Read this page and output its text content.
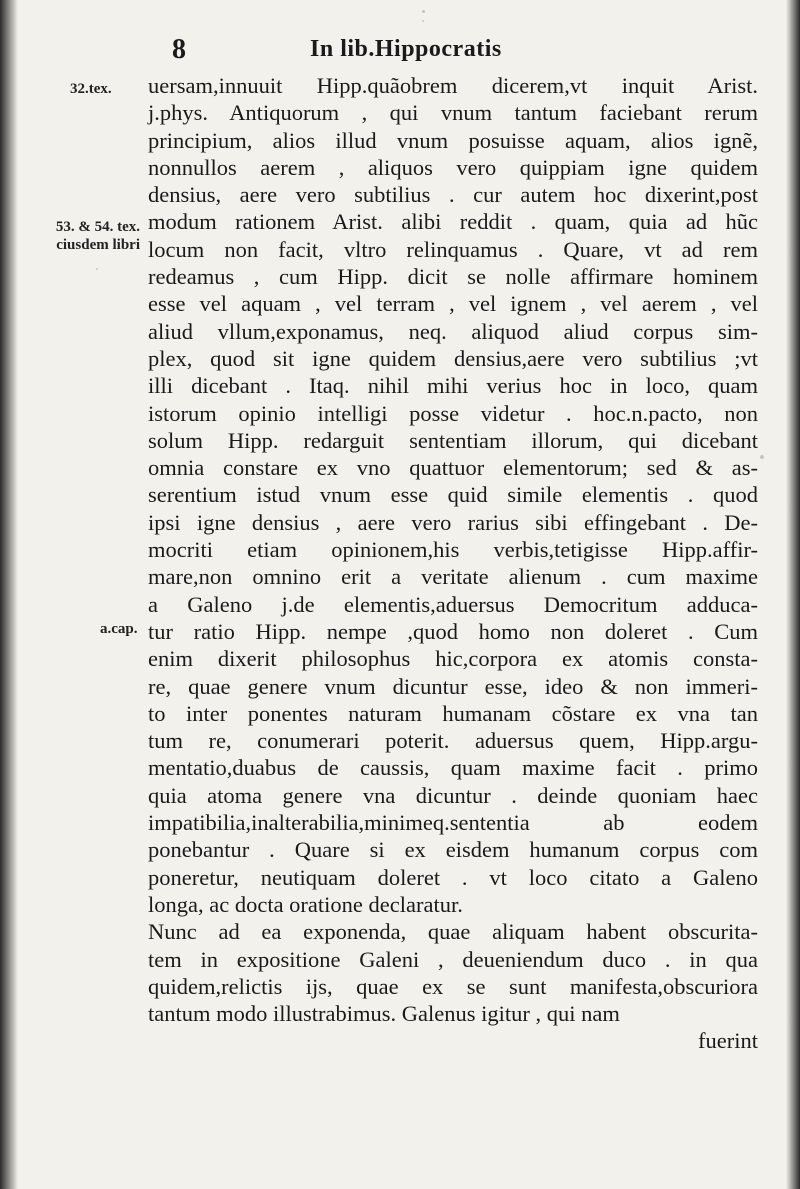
8	In lib.Hippocratis
32.tex.
53. & 54. tex. ciusdem libri
a.cap.
uersam,innuuit Hipp.quãobrem dicerem,vt inquit Arist.
j.phys. Antiquorum , qui vnum tantum faciebant rerum
principium, alios illud vnum posuisse aquam, alios ignẽ,
nonnullos aerem , aliquos vero quippiam igne quidem
densius, aere vero subtilius . cur autem hoc dixerint,post
modum rationem Arist. alibi reddit . quam, quia ad hũc
locum non facit, vltro relinquamus . Quare, vt ad rem
redeamus , cum Hipp. dicit se nolle affirmare hominem
esse vel aquam , vel terram , vel ignem , vel aerem , vel
aliud vllum,exponamus, neq. aliquod aliud corpus sim-
plex, quod sit igne quidem densius,aere vero subtilius ;vt
illi dicebant . Itaq. nihil mihi verius hoc in loco, quam
istorum opinio intelligi posse videtur . hoc.n.pacto, non
solum Hipp. redarguit sententiam illorum, qui dicebant
omnia constare ex vno quattuor elementorum; sed & as-
serentium istud vnum esse quid simile elementis . quod
ipsi igne densius , aere vero rarius sibi effingebant . De-
mocriti etiam opinionem,his verbis,tetigisse Hipp.affir-
mare,non omnino erit a veritate alienum . cum maxime
a Galeno j.de elementis,aduersus Democritum adduca-
tur ratio Hipp. nempe ,quod homo non doleret . Cum
enim dixerit philosophus hic,corpora ex atomis consta-
re, quae genere vnum dicuntur esse, ideo & non immeri-
to inter ponentes naturam humanam cõstare ex vna tan
tum re, conumerari poterit. aduersus quem, Hipp.argu-
mentatio,duabus de caussis, quam maxime facit . primo
quia atoma genere vna dicuntur . deinde quoniam haec
impatibilia,inalterabilia,minimeq.sententia ab eodem
ponebantur . Quare si ex eisdem humanum corpus com
poneretur, neutiquam doleret . vt loco citato a Galeno
longa, ac docta oratione declaratur.
Nunc ad ea exponenda, quae aliquam habent obscurita-
tem in expositione Galeni , deueniendum duco . in qua
quidem,relictis ijs, quae ex se sunt manifesta,obscuriora
tantum modo illustrabimus. Galenus igitur , qui nam
fuerint
